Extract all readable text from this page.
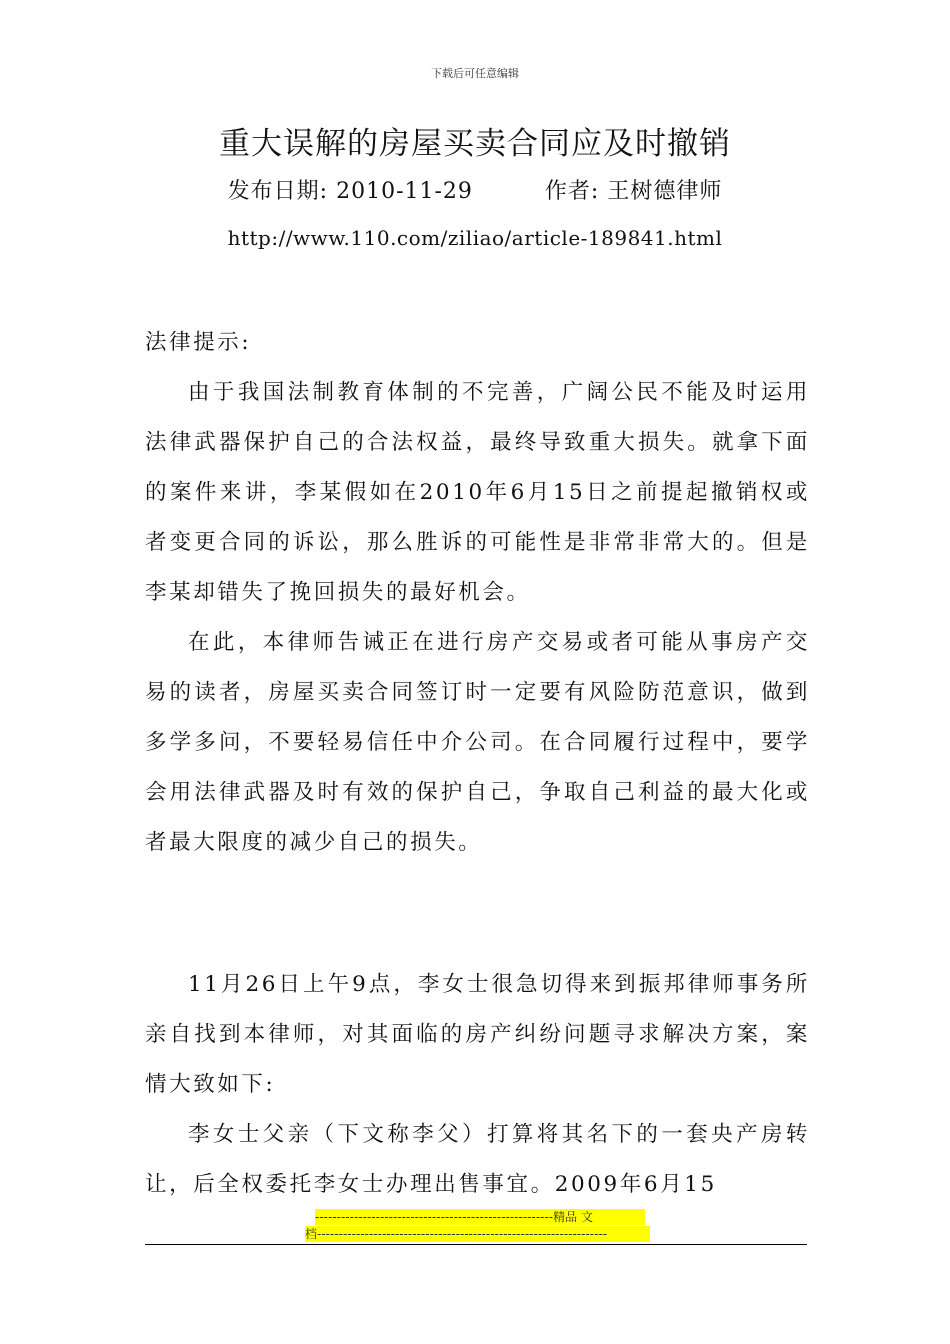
下载后可任意编辑
重大误解的房屋买卖合同应及时撤销
发布日期: 2010-11-29	作者: 王树德律师
http://www.110.com/ziliao/article-189841.html

法律提示:

由于我国法制教育体制的不完善，广阔公民不能及时运用法律武器保护自己的合法权益，最终导致重大损失。就拿下面的案件来讲，李某假如在2010年6月15日之前提起撤销权或者变更合同的诉讼，那么胜诉的可能性是非常非常大的。但是李某却错失了挽回损失的最好机会。

在此，本律师告诫正在进行房产交易或者可能从事房产交易的读者，房屋买卖合同签订时一定要有风险防范意识，做到多学多问，不要轻易信任中介公司。在合同履行过程中，要学会用法律武器及时有效的保护自己，争取自己利益的最大化或者最大限度的减少自己的损失。

11月26日上午9点，李女士很急切得来到振邦律师事务所亲自找到本律师，对其面临的房产纠纷问题寻求解决方案，案情大致如下:

李女士父亲（下文称李父）打算将其名下的一套央产房转让，后全权委托李女士办理出售事宜。2009年6月15

-------------------------------------------------------精品 文
档-------------------------------------------------------------------
